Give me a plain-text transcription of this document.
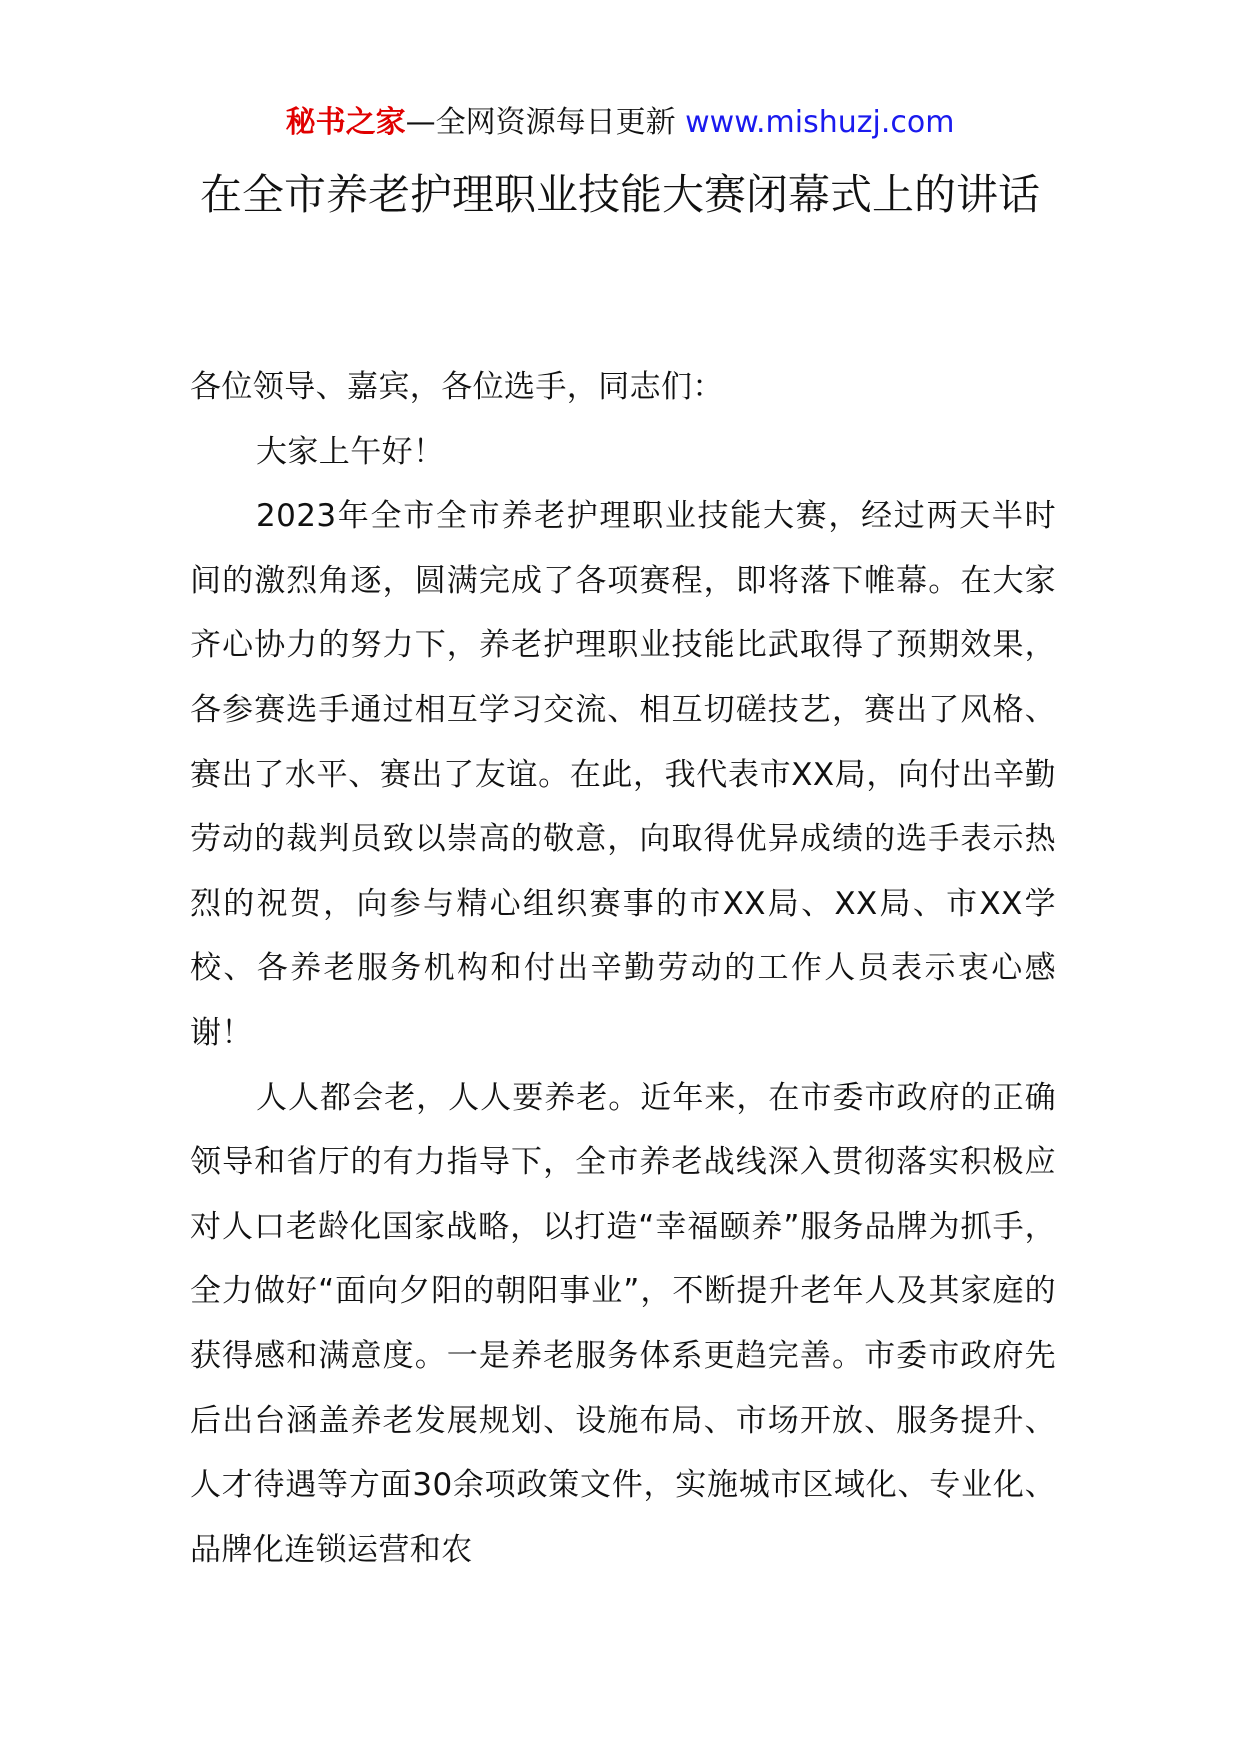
秘书之家—全网资源每日更新 www.mishuzj.com
在全市养老护理职业技能大赛闭幕式上的讲话

各位领导、嘉宾，各位选手，同志们：

大家上午好！

2023年全市全市养老护理职业技能大赛，经过两天半时间的激烈角逐，圆满完成了各项赛程，即将落下帷幕。在大家齐心协力的努力下，养老护理职业技能比武取得了预期效果，各参赛选手通过相互学习交流、相互切磋技艺，赛出了风格、赛出了水平、赛出了友谊。在此，我代表市XX局，向付出辛勤劳动的裁判员致以崇高的敬意，向取得优异成绩的选手表示热烈的祝贺，向参与精心组织赛事的市XX局、XX局、市XX学校、各养老服务机构和付出辛勤劳动的工作人员表示衷心感谢！

人人都会老，人人要养老。近年来，在市委市政府的正确领导和省厅的有力指导下，全市养老战线深入贯彻落实积极应对人口老龄化国家战略，以打造“幸福颐养”服务品牌为抓手，全力做好“面向夕阳的朝阳事业”，不断提升老年人及其家庭的获得感和满意度。一是养老服务体系更趋完善。市委市政府先后出台涵盖养老发展规划、设施布局、市场开放、服务提升、人才待遇等方面30余项政策文件，实施城市区域化、专业化、品牌化连锁运营和农
